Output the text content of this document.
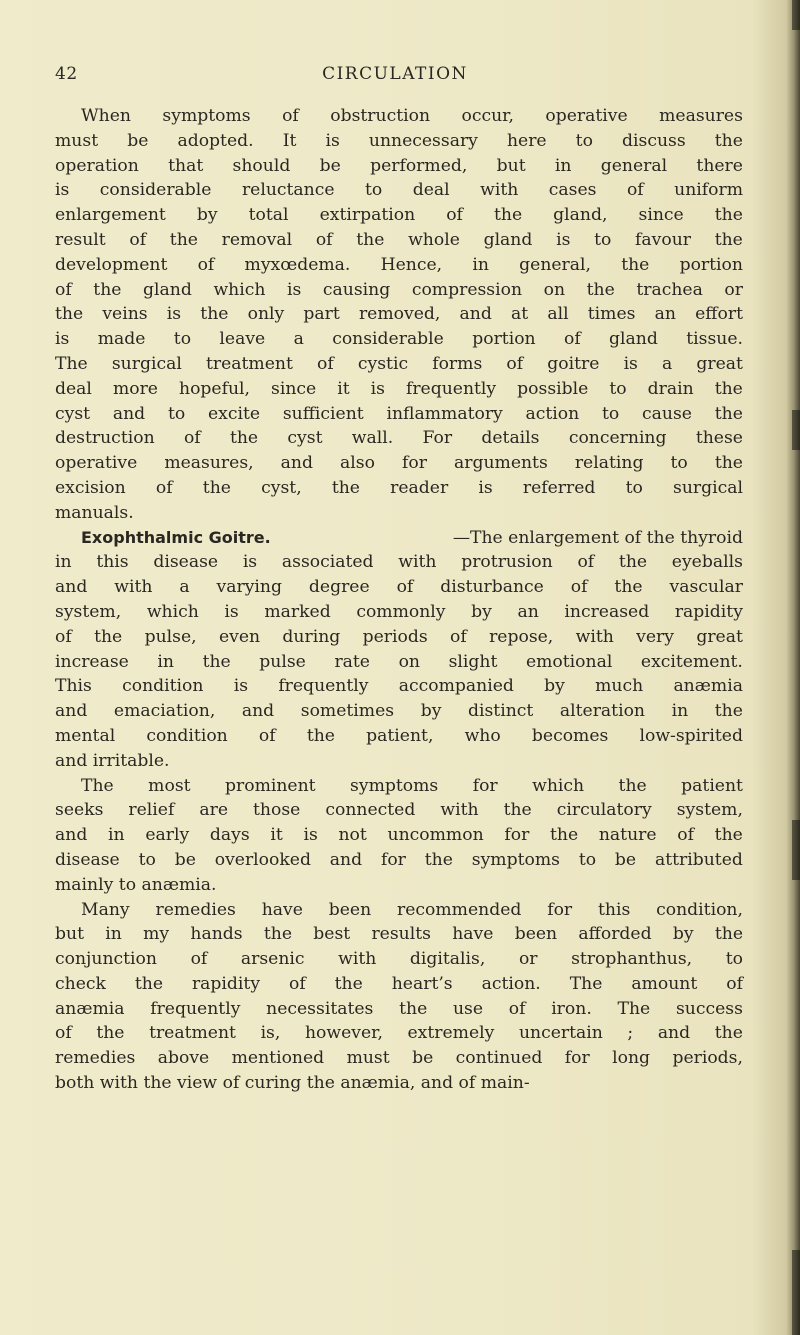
42	CIRCULATION
When symptoms of obstruction occur, operative measures
must be adopted. It is unnecessary here to discuss the
operation that should be performed, but in general there
is considerable reluctance to deal with cases of uniform
enlargement by total extirpation of the gland, since the
result of the removal of the whole gland is to favour the
development of myxœdema. Hence, in general, the portion
of the gland which is causing compression on the trachea or
the veins is the only part removed, and at all times an effort
is made to leave a considerable portion of gland tissue.
The surgical treatment of cystic forms of goitre is a great
deal more hopeful, since it is frequently possible to drain the
cyst and to excite sufficient inflammatory action to cause the
destruction of the cyst wall. For details concerning these
operative measures, and also for arguments relating to the
excision of the cyst, the reader is referred to surgical
manuals.
Exophthalmic Goitre.	—The enlargement of the thyroid
in this disease is associated with protrusion of the eyeballs
and with a varying degree of disturbance of the vascular
system, which is marked commonly by an increased rapidity
of the pulse, even during periods of repose, with very great
increase in the pulse rate on slight emotional excitement.
This condition is frequently accompanied by much anæmia
and emaciation, and sometimes by distinct alteration in the
mental condition of the patient, who becomes low-spirited
and irritable.
The most prominent symptoms for which the patient
seeks relief are those connected with the circulatory system,
and in early days it is not uncommon for the nature of the
disease to be overlooked and for the symptoms to be attributed
mainly to anæmia.
Many remedies have been recommended for this condition,
but in my hands the best results have been afforded by the
conjunction of arsenic with digitalis, or strophanthus, to
check the rapidity of the heart’s action. The amount of
anæmia frequently necessitates the use of iron. The success
of the treatment is, however, extremely uncertain ; and the
remedies above mentioned must be continued for long periods,
both with the view of curing the anæmia, and of main-
